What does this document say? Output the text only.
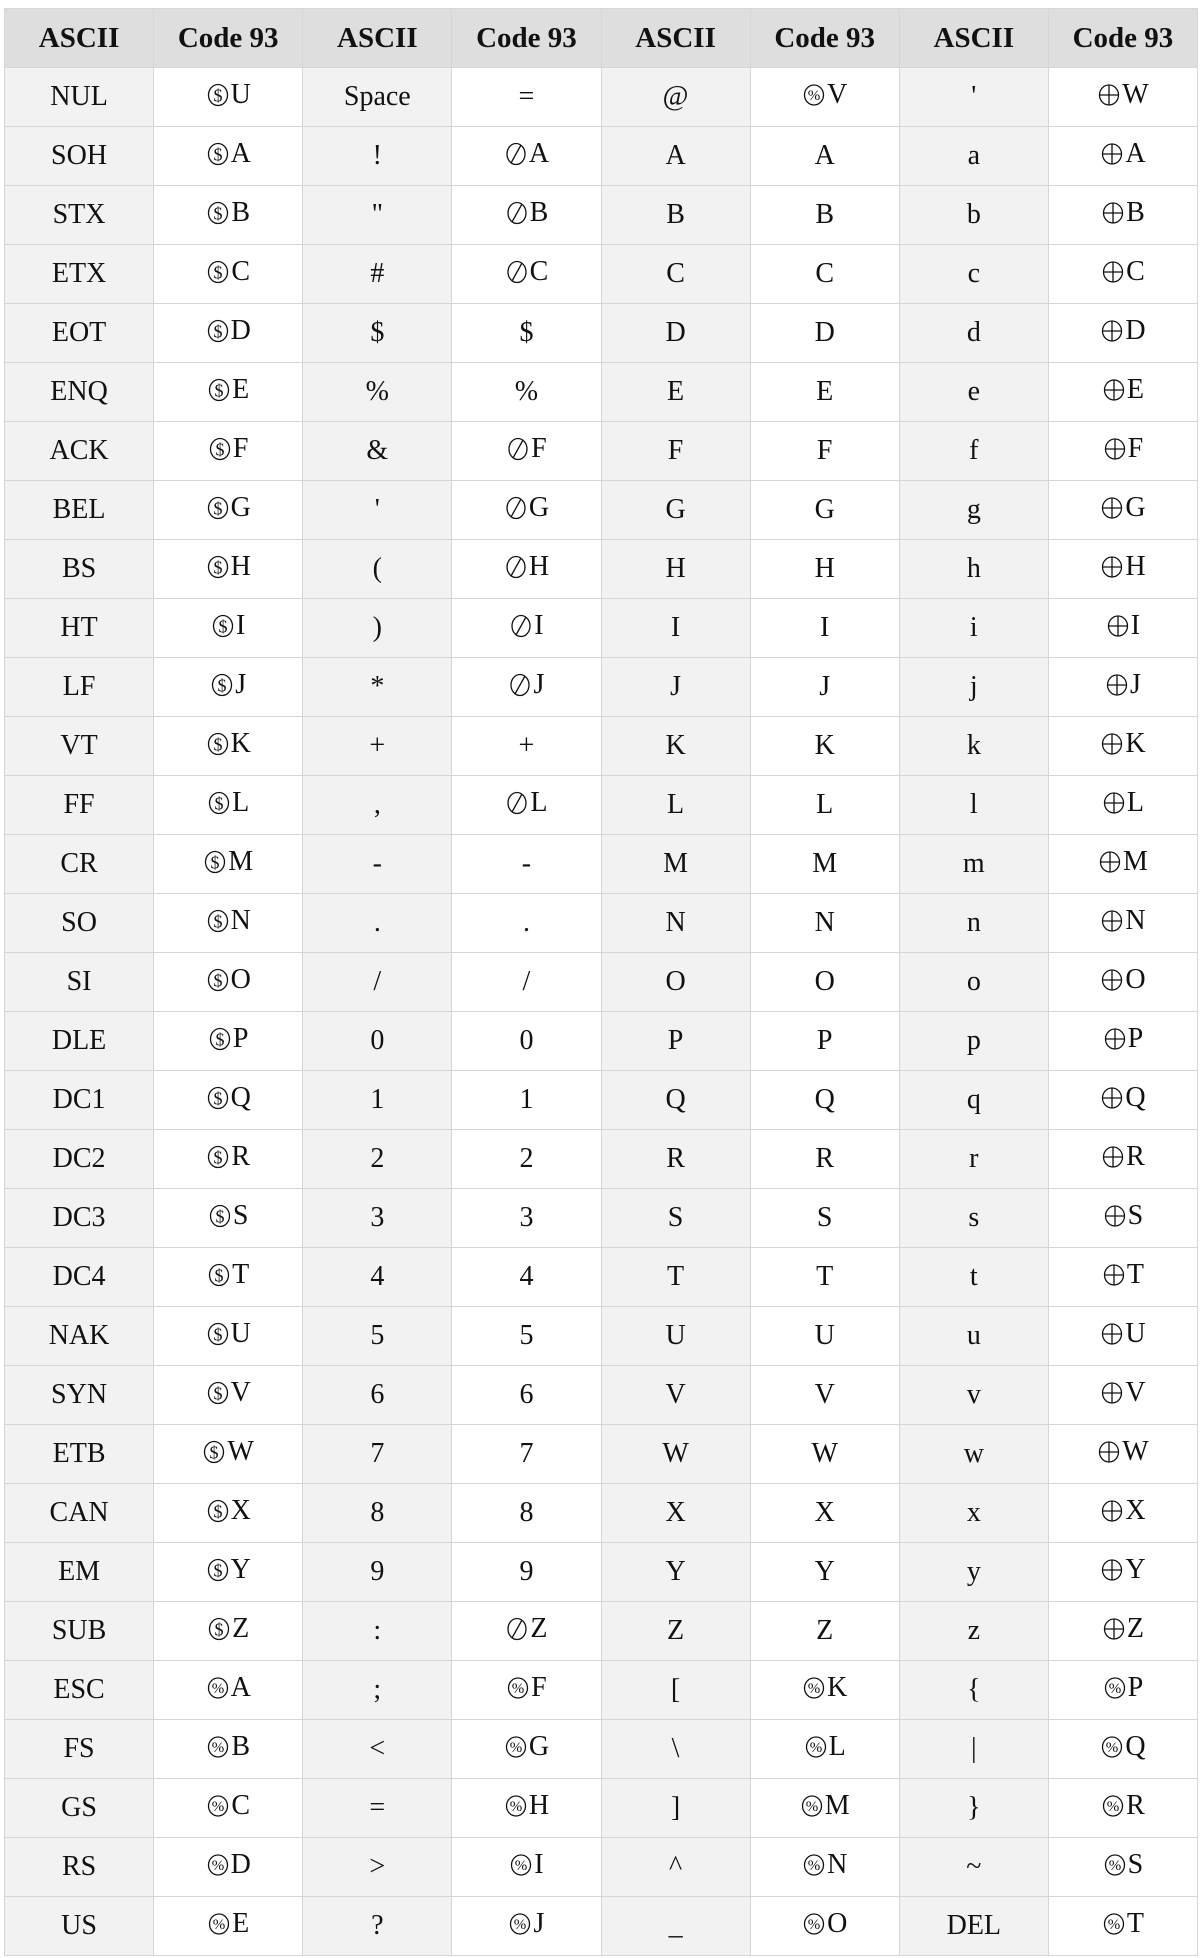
ASCII	Code 93	ASCII	Code 93	ASCII	Code 93	ASCII	Code 93
NUL	$ U	Space	=	@	% V	'	W

SOH	$ A	!	A	A	A	a	A

STX	$ B	"	B	B	B	b	B

ETX	$ C	#	C	C	C	c	C

EOT	$ D	$	$	D	D	d	D

ENQ	$ E	%	%	E	E	e	E

ACK	$ F	&	F	F	F	f	F

BEL	$ G	'	G	G	G	g	G

BS	$ H	(	H	H	H	h	H

HT	$ I	)	I	I	I	i	I

LF	$ J	*	J	J	J	j	J

VT	$ K	+	+	K	K	k	K

FF	$ L	,	L	L	L	l	L

CR	$ M	-	-	M	M	m	M

SO	$ N	.	.	N	N	n	N

SI	$ O	/	/	O	O	o	O

DLE	$ P	0	0	P	P	p	P

DC1	$ Q	1	1	Q	Q	q	Q

DC2	$ R	2	2	R	R	r	R

DC3	$ S	3	3	S	S	s	S

DC4	$ T	4	4	T	T	t	T

NAK	$ U	5	5	U	U	u	U

SYN	$ V	6	6	V	V	v	V

ETB	$ W	7	7	W	W	w	W

CAN	$ X	8	8	X	X	x	X

EM	$ Y	9	9	Y	Y	y	Y

SUB	$ Z	:	Z	Z	Z	z	Z

ESC	% A	;	% F	[	% K	{	% P

FS	% B	<	% G	\	% L	|	% Q

GS	% C	=	% H	]	% M	}	% R

RS	% D	>	% I	^	% N	~	% S

US	% E	?	% J	_	% O	DEL	% T
